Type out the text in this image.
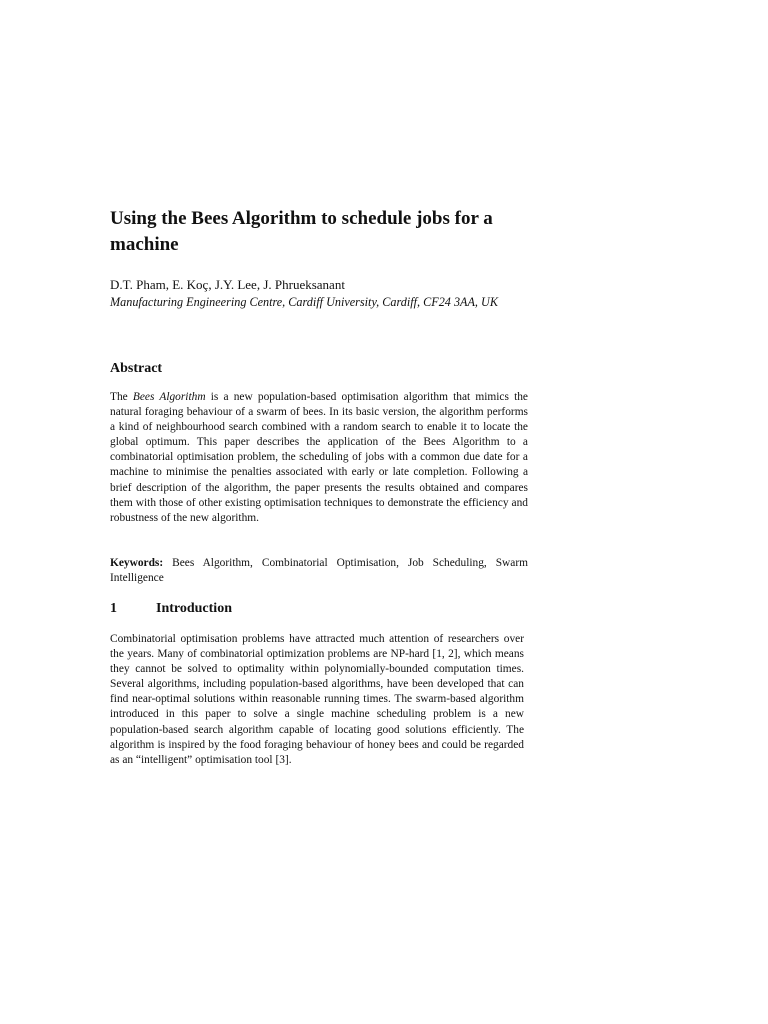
Using the Bees Algorithm to schedule jobs for a machine
D.T. Pham, E. Koç, J.Y. Lee, J. Phrueksanant
Manufacturing Engineering Centre, Cardiff University, Cardiff, CF24 3AA, UK
Abstract

The Bees Algorithm is a new population-based optimisation algorithm that mimics the natural foraging behaviour of a swarm of bees. In its basic version, the algorithm performs a kind of neighbourhood search combined with a random search to enable it to locate the global optimum. This paper describes the application of the Bees Algorithm to a combinatorial optimisation problem, the scheduling of jobs with a common due date for a machine to minimise the penalties associated with early or late completion. Following a brief description of the algorithm, the paper presents the results obtained and compares them with those of other existing optimisation techniques to demonstrate the efficiency and robustness of the new algorithm.

Keywords: Bees Algorithm, Combinatorial Optimisation, Job Scheduling, Swarm Intelligence

1	Introduction

Combinatorial optimisation problems have attracted much attention of researchers over the years. Many of combinatorial optimization problems are NP-hard [1, 2], which means they cannot be solved to optimality within polynomially-bounded computation times. Several algorithms, including population-based algorithms, have been developed that can find near-optimal solutions within reasonable running times. The swarm-based algorithm introduced in this paper to solve a single machine scheduling problem is a new population-based search algorithm capable of locating good solutions efficiently. The algorithm is inspired by the food foraging behaviour of honey bees and could be regarded as an “intelligent” optimisation tool [3].
